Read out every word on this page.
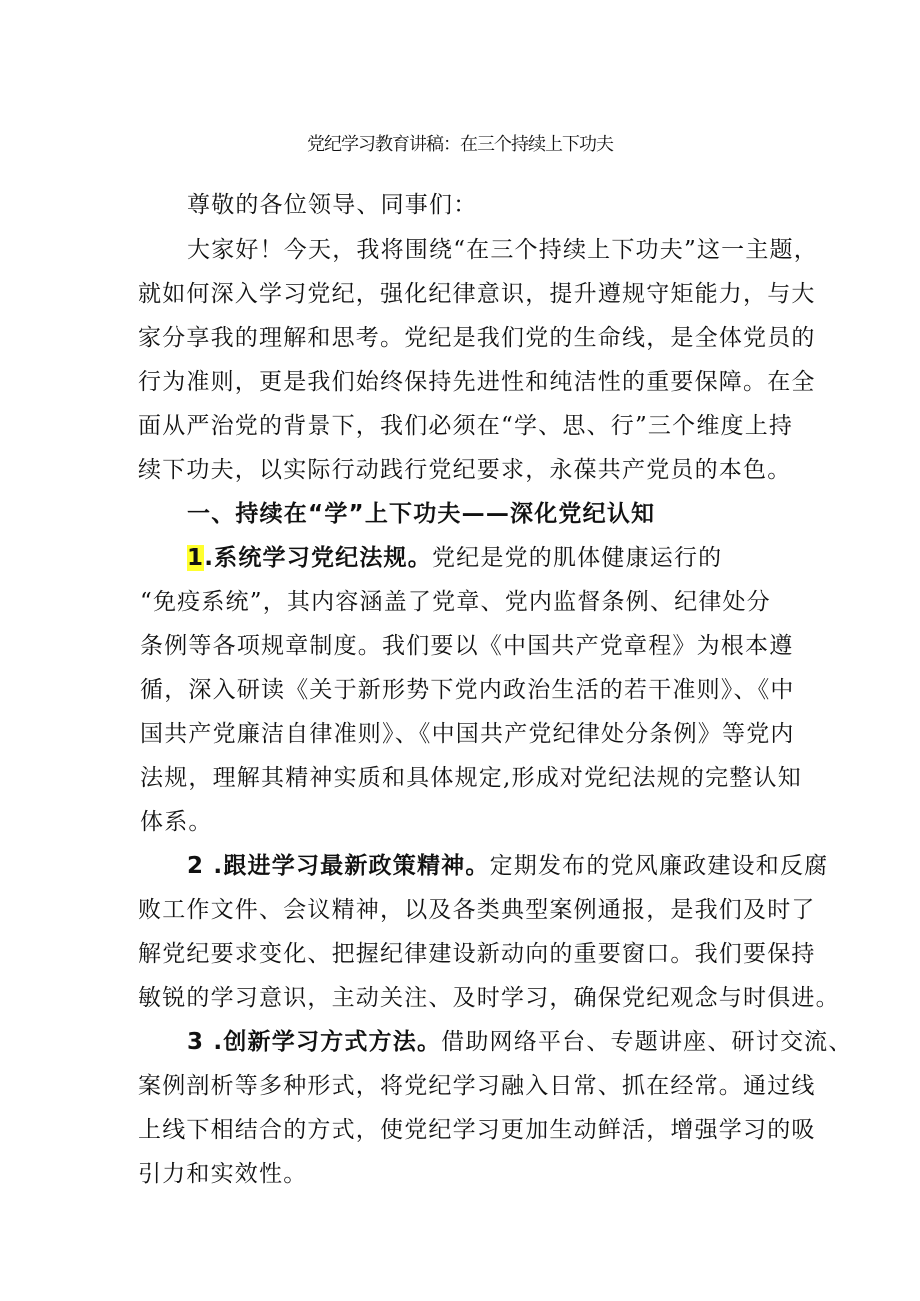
党纪学习教育讲稿：在三个持续上下功夫
尊敬的各位领导、同事们：
大家好！今天，我将围绕“在三个持续上下功夫”这一主题，
就如何深入学习党纪，强化纪律意识，提升遵规守矩能力，与大
家分享我的理解和思考。党纪是我们党的生命线，是全体党员的
行为准则，更是我们始终保持先进性和纯洁性的重要保障。在全
面从严治党的背景下，我们必须在“学、思、行”三个维度上持
续下功夫，以实际行动践行党纪要求，永葆共产党员的本色。
一、持续在“学”上下功夫——深化党纪认知
1.系统学习党纪法规。党纪是党的肌体健康运行的
“免疫系统”，其内容涵盖了党章、党内监督条例、纪律处分
条例等各项规章制度。我们要以《中国共产党章程》为根本遵
循，深入研读《关于新形势下党内政治生活的若干准则》、《中
国共产党廉洁自律准则》、《中国共产党纪律处分条例》等党内
法规，理解其精神实质和具体规定,形成对党纪法规的完整认知
体系。
2 .跟进学习最新政策精神。定期发布的党风廉政建设和反腐
败工作文件、会议精神，以及各类典型案例通报，是我们及时了
解党纪要求变化、把握纪律建设新动向的重要窗口。我们要保持
敏锐的学习意识，主动关注、及时学习，确保党纪观念与时俱进。
3 .创新学习方式方法。借助网络平台、专题讲座、研讨交流、
案例剖析等多种形式，将党纪学习融入日常、抓在经常。通过线
上线下相结合的方式，使党纪学习更加生动鲜活，增强学习的吸
引力和实效性。
